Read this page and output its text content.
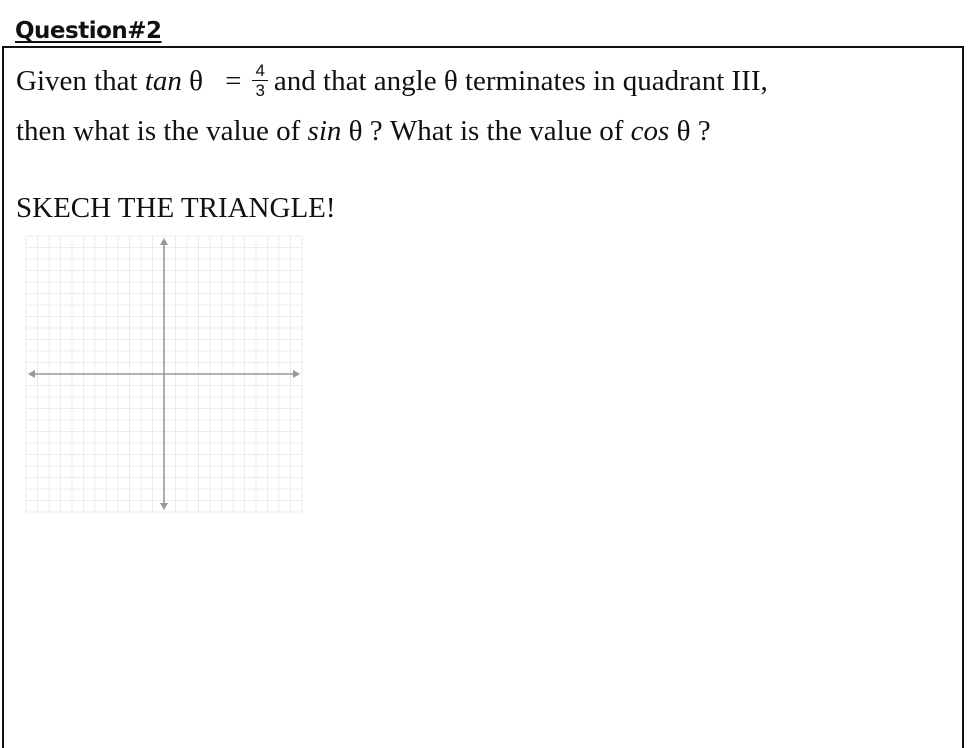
Question#2
Given that $\tan \theta = \frac{4}{3}$ and that angle θ terminates in quadrant III,
then what is the value of sin θ ? What is the value of cos θ ?
SKECH THE TRIANGLE!
